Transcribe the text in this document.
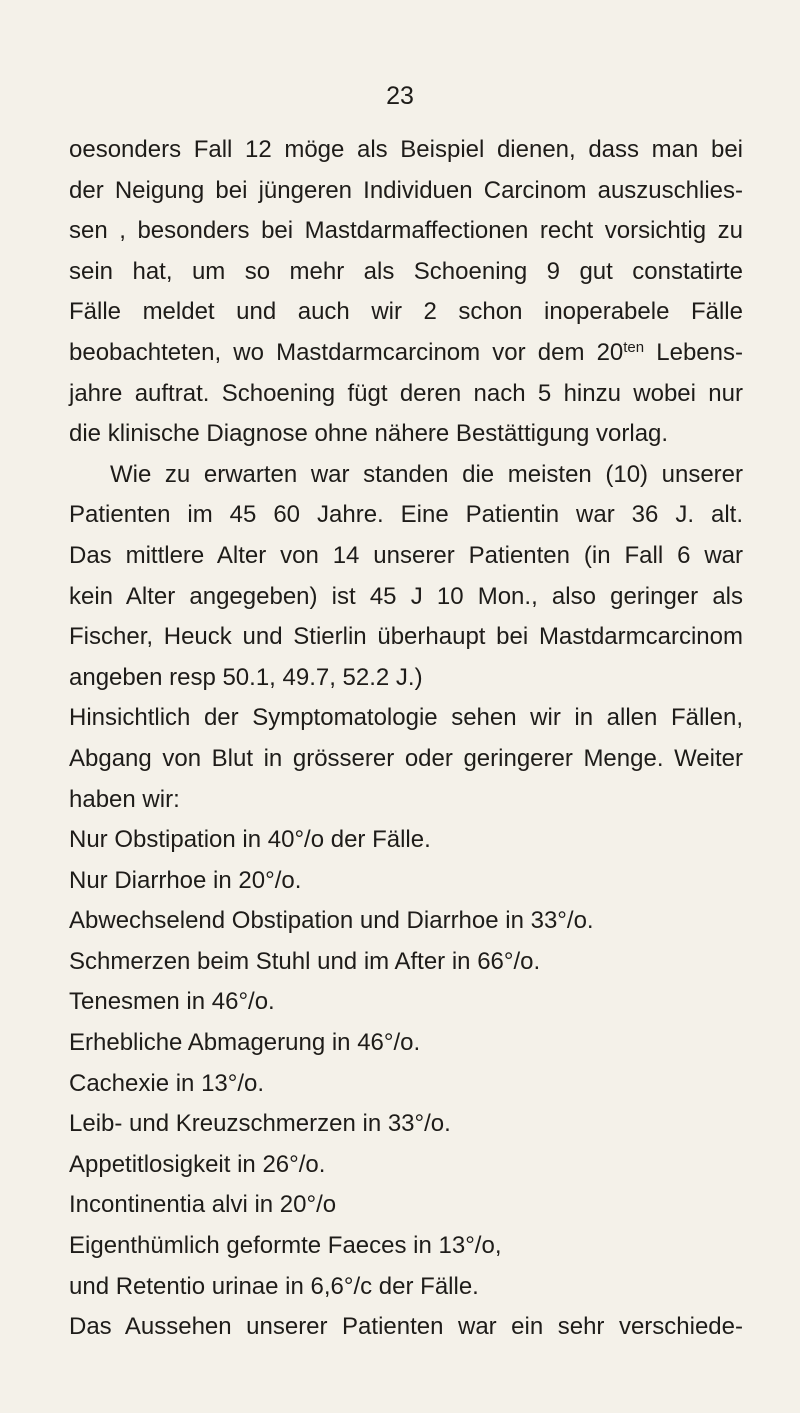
23
oesonders Fall 12 möge als Beispiel dienen, dass man bei
der Neigung bei jüngeren Individuen Carcinom auszuschlies-
sen , besonders bei Mastdarmaffectionen recht vorsichtig zu
sein hat, um so mehr als Schoening 9 gut constatirte
Fälle meldet und auch wir 2 schon inoperabele Fälle
beobachteten, wo Mastdarmcarcinom vor dem $20^{ten}$ Lebens-
jahre auftrat. Schoening fügt deren nach 5 hinzu wobei nur
die klinische Diagnose ohne nähere Bestättigung vorlag.
Wie zu erwarten war standen die meisten (10) unserer
Patienten im 45 60 Jahre. Eine Patientin war 36 J. alt.
Das mittlere Alter von 14 unserer Patienten (in Fall 6 war
kein Alter angegeben) ist 45 J 10 Mon., also geringer als
Fischer, Heuck und Stierlin überhaupt bei Mastdarmcarcinom
angeben resp 50.1, 49.7, 52.2 J.)
Hinsichtlich der Symptomatologie sehen wir in allen Fällen,
Abgang von Blut in grösserer oder geringerer Menge. Weiter
haben wir:
Nur Obstipation in 40°/o der Fälle.
Nur Diarrhoe in 20°/o.
Abwechselend Obstipation und Diarrhoe in 33°/o.
Schmerzen beim Stuhl und im After in 66°/o.
Tenesmen in 46°/o.
Erhebliche Abmagerung in 46°/o.
Cachexie in 13°/o.
Leib- und Kreuzschmerzen in 33°/o.
Appetitlosigkeit in 26°/o.
Incontinentia alvi in 20°/o
Eigenthümlich geformte Faeces in 13°/o,
und Retentio urinae in 6,6°/c der Fälle.
Das Aussehen unserer Patienten war ein sehr verschiede-
